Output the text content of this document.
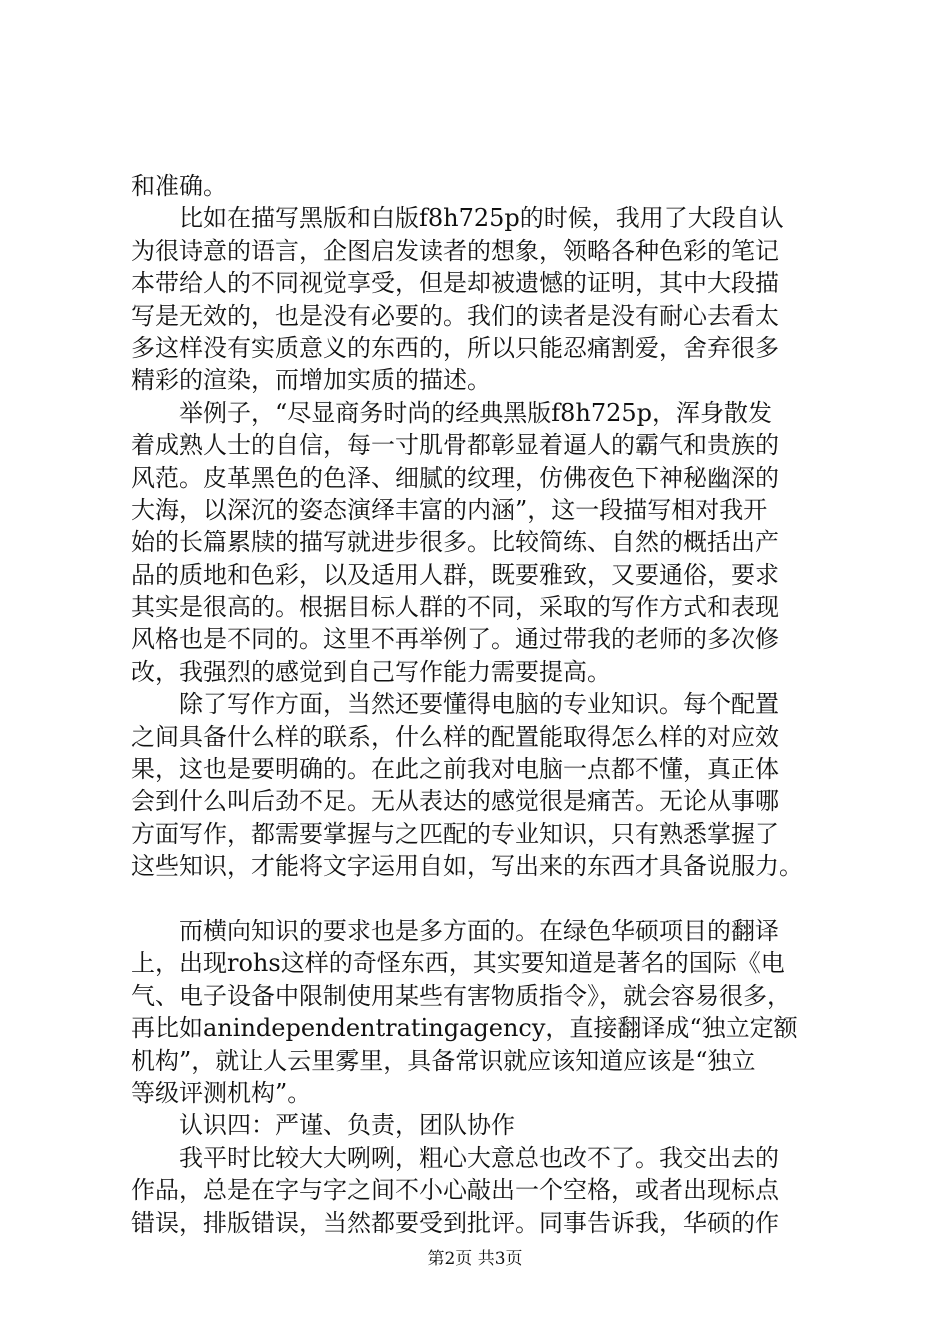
和准确。
　　比如在描写黑版和白版f8h725p的时候，我用了大段自认
为很诗意的语言，企图启发读者的想象，领略各种色彩的笔记
本带给人的不同视觉享受，但是却被遗憾的证明，其中大段描
写是无效的，也是没有必要的。我们的读者是没有耐心去看太
多这样没有实质意义的东西的，所以只能忍痛割爱，舍弃很多
精彩的渲染，而增加实质的描述。
　　举例子，“尽显商务时尚的经典黑版f8h725p，浑身散发
着成熟人士的自信，每一寸肌骨都彰显着逼人的霸气和贵族的
风范。皮革黑色的色泽、细腻的纹理，仿佛夜色下神秘幽深的
大海，以深沉的姿态演绎丰富的内涵”，这一段描写相对我开
始的长篇累牍的描写就进步很多。比较简练、自然的概括出产
品的质地和色彩，以及适用人群，既要雅致，又要通俗，要求
其实是很高的。根据目标人群的不同，采取的写作方式和表现
风格也是不同的。这里不再举例了。通过带我的老师的多次修
改，我强烈的感觉到自己写作能力需要提高。
　　除了写作方面，当然还要懂得电脑的专业知识。每个配置
之间具备什么样的联系，什么样的配置能取得怎么样的对应效
果，这也是要明确的。在此之前我对电脑一点都不懂，真正体
会到什么叫后劲不足。无从表达的感觉很是痛苦。无论从事哪
方面写作，都需要掌握与之匹配的专业知识，只有熟悉掌握了
这些知识，才能将文字运用自如，写出来的东西才具备说服力。
　　而横向知识的要求也是多方面的。在绿色华硕项目的翻译
上，出现rohs这样的奇怪东西，其实要知道是著名的国际《电
气、电子设备中限制使用某些有害物质指令》，就会容易很多，
再比如anindependentratingagency，直接翻译成“独立定额
机构”，就让人云里雾里，具备常识就应该知道应该是“独立
等级评测机构”。
　　认识四：严谨、负责，团队协作
　　我平时比较大大咧咧，粗心大意总也改不了。我交出去的
作品，总是在字与字之间不小心敲出一个空格，或者出现标点
错误，排版错误，当然都要受到批评。同事告诉我，华硕的作
第2页 共3页
